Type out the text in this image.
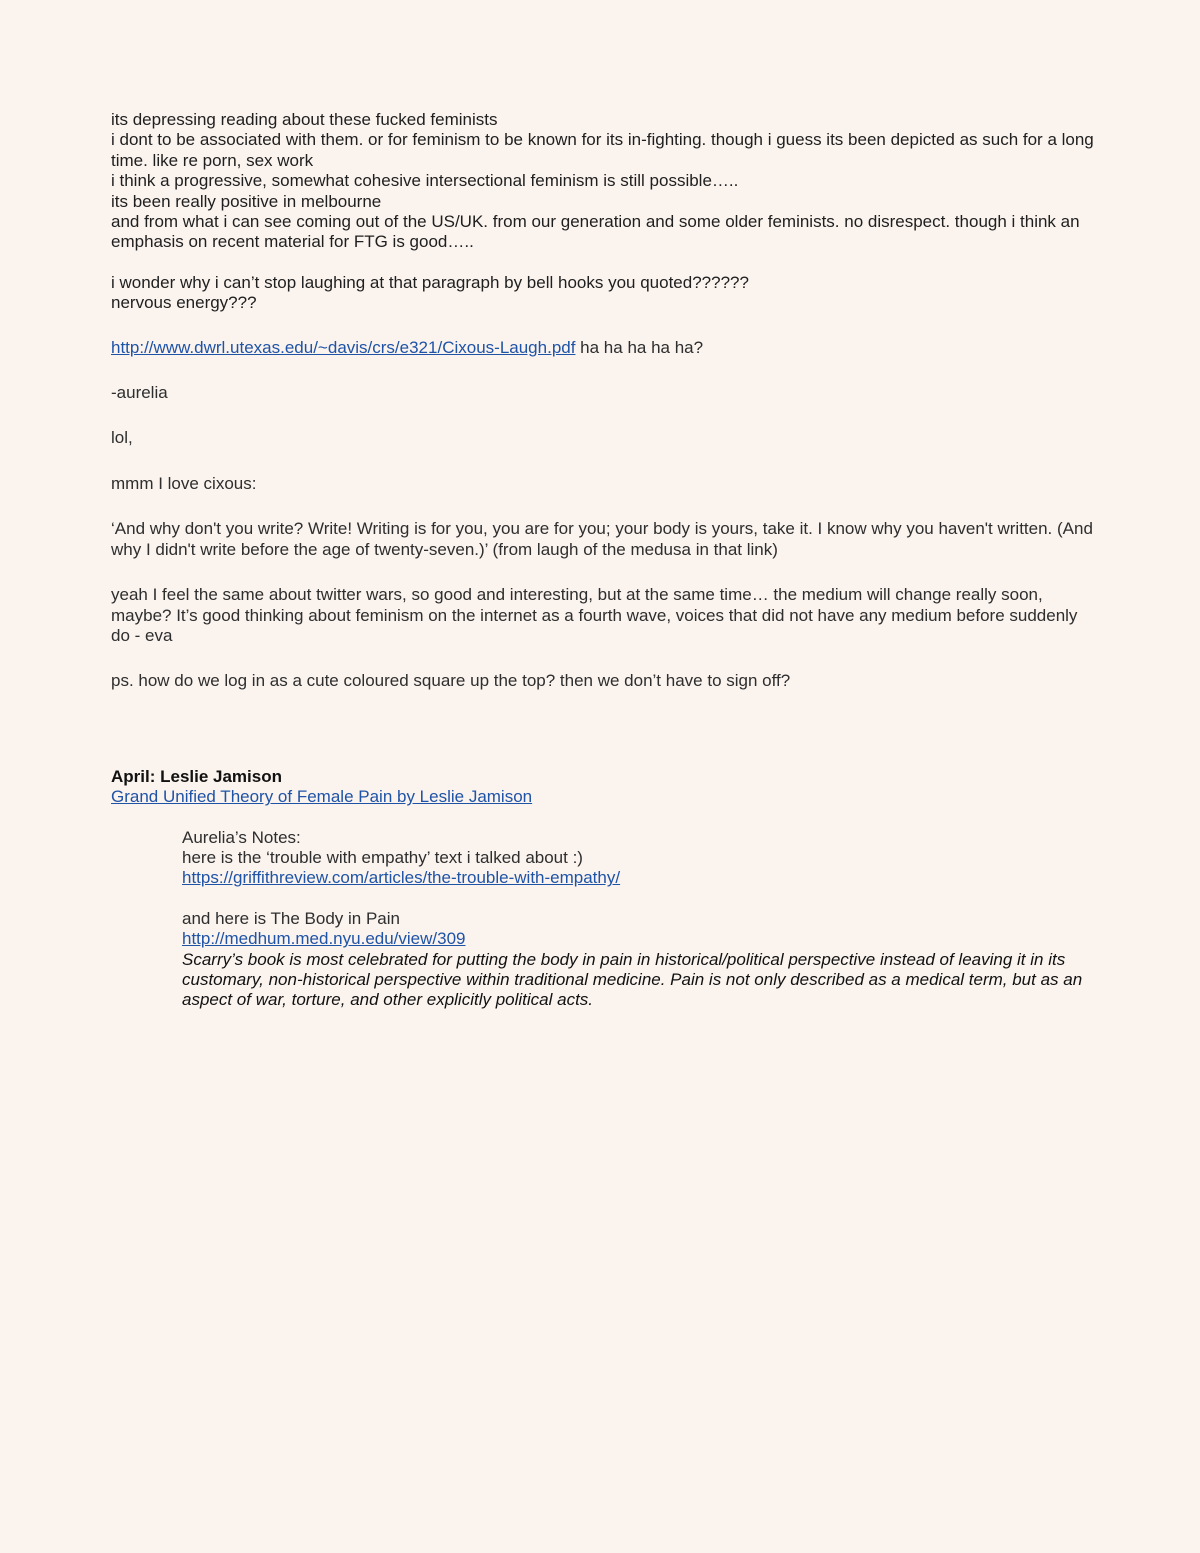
its depressing reading about these fucked feminists
i dont to be associated with them. or for feminism to be known for its in-fighting. though i guess its been depicted as such for a long time. like re porn, sex work
i think a progressive, somewhat cohesive intersectional feminism is still possible…..
its been really positive in melbourne
and from what i can see coming out of the US/UK. from our generation and some older feminists. no disrespect. though i think an emphasis on recent material for FTG is good…..

i wonder why i can’t stop laughing at that paragraph by bell hooks you quoted??????
nervous energy???

http://www.dwrl.utexas.edu/~davis/crs/e321/Cixous-Laugh.pdf ha ha ha ha ha?

-aurelia

lol,

mmm I love cixous:

‘And why don't you write? Write! Writing is for you, you are for you; your body is yours, take it. I know why you haven't written. (And why I didn't write before the age of twenty-seven.)’ (from laugh of the medusa in that link)

yeah I feel the same about twitter wars, so good and interesting, but at the same time… the medium will change really soon, maybe? It’s good thinking about feminism on the internet as a fourth wave, voices that did not have any medium before suddenly do - eva

ps. how do we log in as a cute coloured square up the top? then we don’t have to sign off?

April: Leslie Jamison

Grand Unified Theory of Female Pain by Leslie Jamison

Aurelia’s Notes:
here is the ‘trouble with empathy’ text i talked about :)
https://griffithreview.com/articles/the-trouble-with-empathy/
and here is The Body in Pain
http://medhum.med.nyu.edu/view/309
Scarry’s book is most celebrated for putting the body in pain in historical/political perspective instead of leaving it in its customary, non-historical perspective within traditional medicine. Pain is not only described as a medical term, but as an aspect of war, torture, and other explicitly political acts.
